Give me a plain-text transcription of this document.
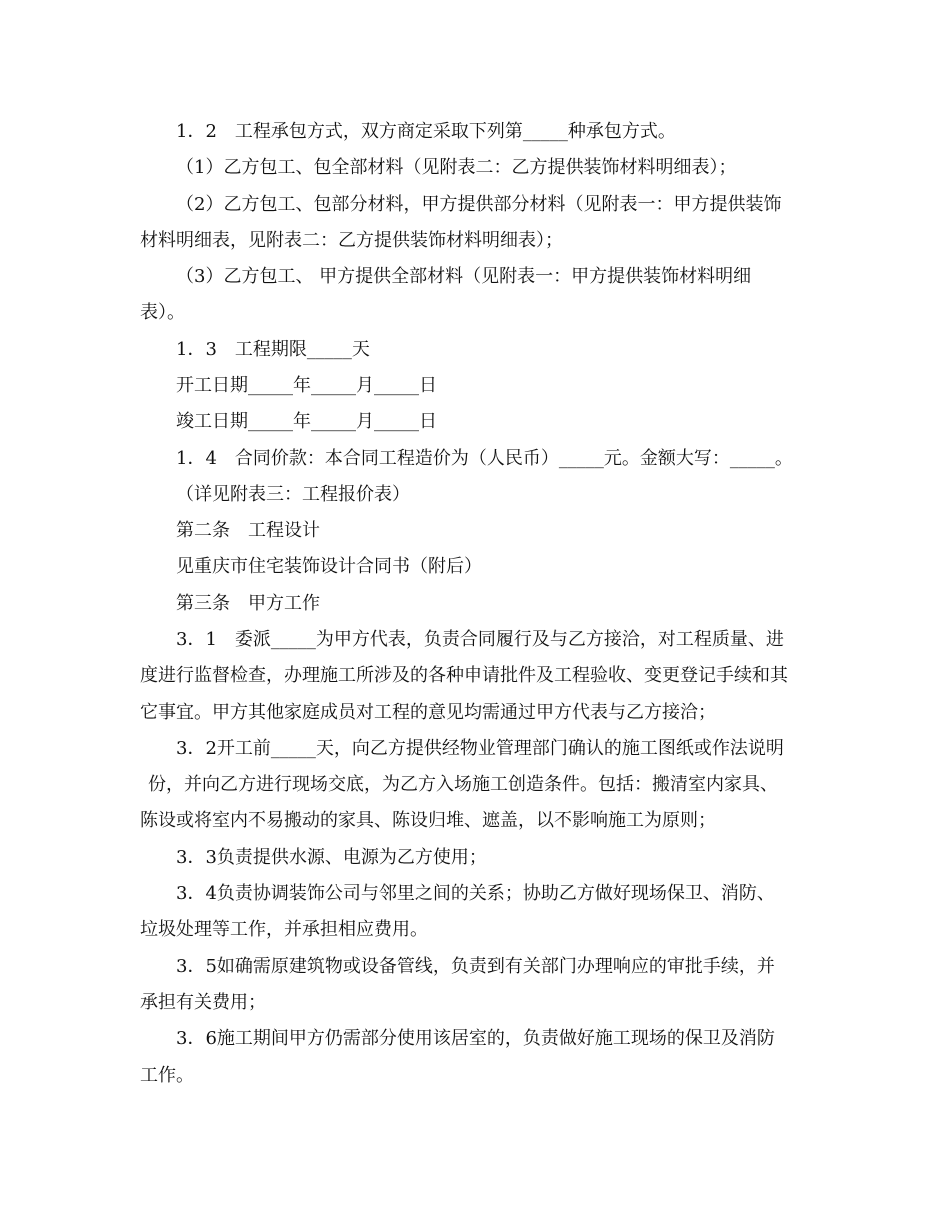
1．2　工程承包方式，双方商定采取下列第_____种承包方式。
（1）乙方包工、包全部材料（见附表二：乙方提供装饰材料明细表）；
（2）乙方包工、包部分材料，甲方提供部分材料（见附表一：甲方提供装饰
材料明细表，见附表二：乙方提供装饰材料明细表）；
（3）乙方包工、 甲方提供全部材料（见附表一：甲方提供装饰材料明细
表）。
1．3　工程期限_____天
开工日期_____年_____月_____日
竣工日期_____年_____月_____日
1．4　合同价款：本合同工程造价为（人民币）_____元。金额大写：_____。
（详见附表三：工程报价表）
第二条　工程设计
见重庆市住宅装饰设计合同书（附后）
第三条　甲方工作
3．1　委派_____为甲方代表，负责合同履行及与乙方接洽，对工程质量、进
度进行监督检查，办理施工所涉及的各种申请批件及工程验收、变更登记手续和其
它事宜。甲方其他家庭成员对工程的意见均需通过甲方代表与乙方接洽；
3．2开工前_____天，向乙方提供经物业管理部门确认的施工图纸或作法说明
份，并向乙方进行现场交底，为乙方入场施工创造条件。包括：搬清室内家具、
陈设或将室内不易搬动的家具、陈设归堆、遮盖，以不影响施工为原则；
3．3负责提供水源、电源为乙方使用；
3．4负责协调装饰公司与邻里之间的关系；协助乙方做好现场保卫、消防、
垃圾处理等工作，并承担相应费用。
3．5如确需原建筑物或设备管线，负责到有关部门办理响应的审批手续，并
承担有关费用；
3．6施工期间甲方仍需部分使用该居室的，负责做好施工现场的保卫及消防
工作。
